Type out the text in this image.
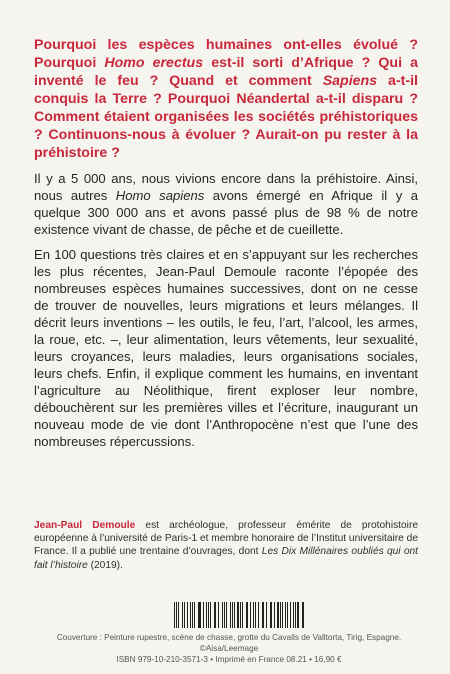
Pourquoi les espèces humaines ont-elles évolué ? Pourquoi Homo erectus est-il sorti d’Afrique ? Qui a inventé le feu ? Quand et comment Sapiens a-t-il conquis la Terre ? Pourquoi Néandertal a-t-il disparu ? Comment étaient organisées les sociétés préhistoriques ? Continuons-nous à évoluer ? Aurait-on pu rester à la préhistoire ?

Il y a 5 000 ans, nous vivions encore dans la préhistoire. Ainsi, nous autres Homo sapiens avons émergé en Afrique il y a quelque 300 000 ans et avons passé plus de 98 % de notre existence vivant de chasse, de pêche et de cueillette.

En 100 questions très claires et en s’appuyant sur les recherches les plus récentes, Jean-Paul Demoule raconte l’épopée des nombreuses espèces humaines successives, dont on ne cesse de trouver de nouvelles, leurs migrations et leurs mélanges. Il décrit leurs inventions – les outils, le feu, l’art, l’alcool, les armes, la roue, etc. –, leur alimentation, leurs vêtements, leur sexualité, leurs croyances, leurs maladies, leurs organisations sociales, leurs chefs. Enfin, il explique comment les humains, en inventant l’agriculture au Néolithique, firent exploser leur nombre, débouchèrent sur les premières villes et l’écriture, inaugurant un nouveau mode de vie dont l’Anthropocène n’est que l’une des nombreuses répercussions.

Jean-Paul Demoule est archéologue, professeur émérite de protohistoire européenne à l’université de Paris-1 et membre honoraire de l’Institut universitaire de France. Il a publié une trentaine d’ouvrages, dont Les Dix Millénaires oubliés qui ont fait l’histoire (2019).

Couverture : Peinture rupestre, scène de chasse, grotte du Cavalls de Valltorta, Tirig, Espagne. ©Aisa/Leemage
ISBN 979-10-210-3571-3 • Imprimé en France 08.21 • 16,90 €
